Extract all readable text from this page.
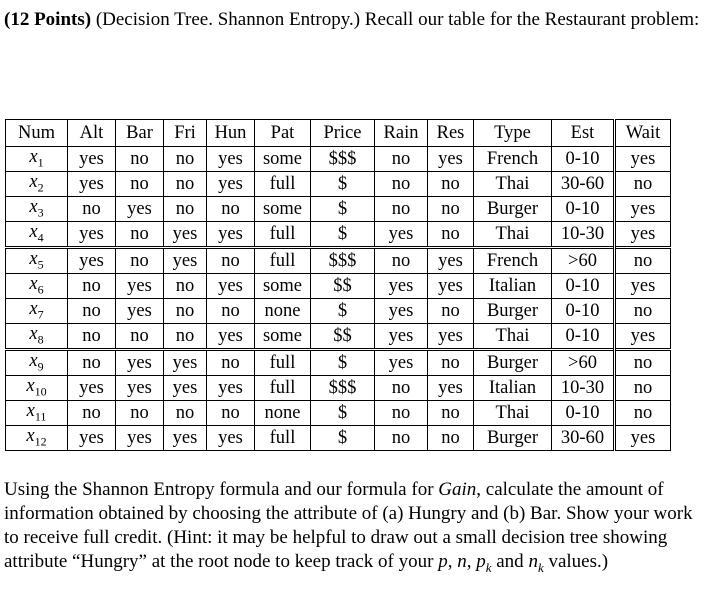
(12 Points) (Decision Tree. Shannon Entropy.) Recall our table for the Restaurant problem:
Num	Alt	Bar	Fri	Hun	Pat	Price	Rain	Res	Type	Est	Wait
$x_1$	yes	no	no	yes	some	$$$	no	yes	French	0-10	yes
$x_2$	yes	no	no	yes	full	$	no	no	Thai	30-60	no
$x_3$	no	yes	no	no	some	$	no	no	Burger	0-10	yes
$x_4$	yes	no	yes	yes	full	$	yes	no	Thai	10-30	yes
$x_5$	yes	no	yes	no	full	$$$	no	yes	French	>60	no
$x_6$	no	yes	no	yes	some	$$	yes	yes	Italian	0-10	yes
$x_7$	no	yes	no	no	none	$	yes	no	Burger	0-10	no
$x_8$	no	no	no	yes	some	$$	yes	yes	Thai	0-10	yes
$x_9$	no	yes	yes	no	full	$	yes	no	Burger	>60	no
$x_{10}$	yes	yes	yes	yes	full	$$$	no	yes	Italian	10-30	no
$x_{11}$	no	no	no	no	none	$	no	no	Thai	0-10	no
$x_{12}$	yes	yes	yes	yes	full	$	no	no	Burger	30-60	yes
Using the Shannon Entropy formula and our formula for Gain, calculate the amount of information obtained by choosing the attribute of (a) Hungry and (b) Bar. Show your work to receive full credit. (Hint: it may be helpful to draw out a small decision tree showing attribute “Hungry” at the root node to keep track of your p, n, $p_k$ and $n_k$ values.)
